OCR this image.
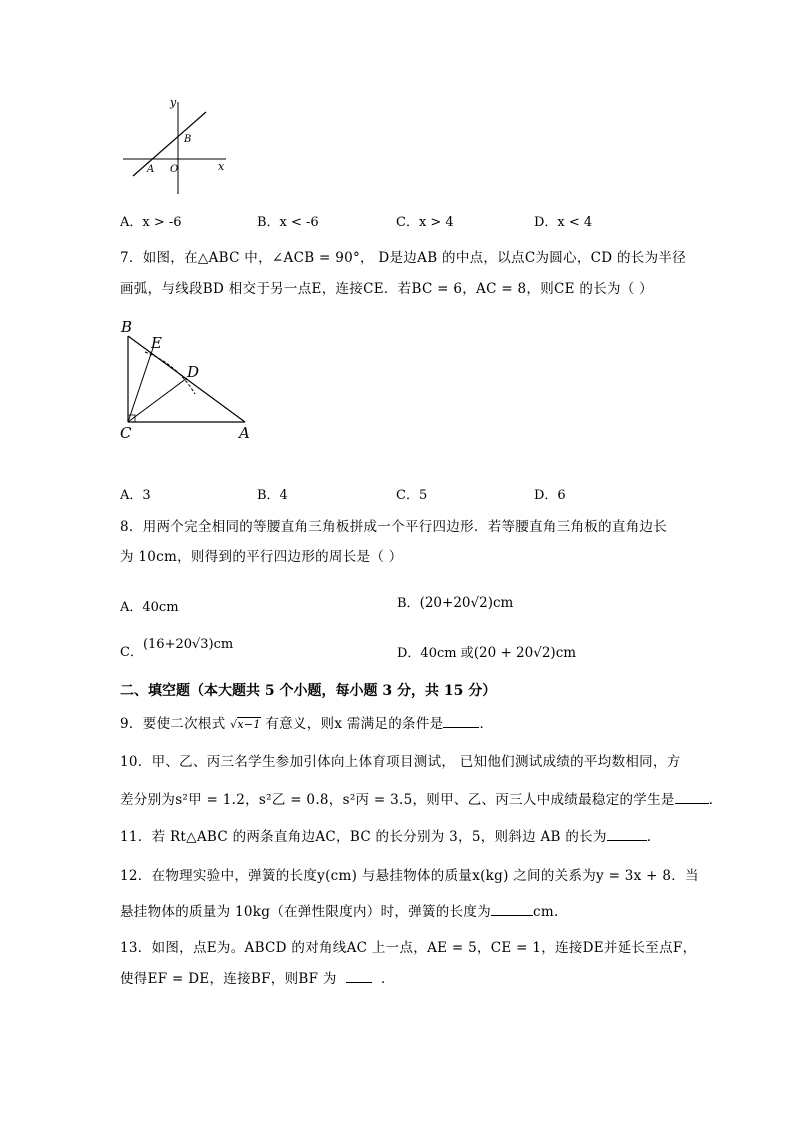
y
x
O
A
B
A．x > -6	B．x < -6	C．x > 4	D．x < 4
7．如图，在△ABC 中，∠ACB = 90°， D是边AB 的中点，以点C为圆心，CD 的长为半径
画弧，与线段BD 相交于另一点E，连接CE．若BC = 6，AC = 8，则CE 的长为（ ）
B
E
D
C	A
A．3	B．4	C．5	D．6
8．用两个完全相同的等腰直角三角板拼成一个平行四边形．若等腰直角三角板的直角边长
为 10cm，则得到的平行四边形的周长是（ ）
A．40cm	B．(20+20√2)cm
C．(16+20√3)cm
D．40cm 或(20 + 20√2)cm
二、填空题（本大题共 5 个小题，每小题 3 分，共 15 分）
9．要使二次根式 √x−1 有意义，则x 需满足的条件是	．
10．甲、乙、丙三名学生参加引体向上体育项目测试， 已知他们测试成绩的平均数相同，方
差分别为s²甲 = 1.2，s²乙 = 0.8，s²丙 = 3.5，则甲、乙、丙三人中成绩最稳定的学生是	．
11．若 Rt△ABC 的两条直角边AC，BC 的长分别为 3，5，则斜边 AB 的长为	．
12．在物理实验中，弹簧的长度y(cm) 与悬挂物体的质量x(kg) 之间的关系为y = 3x + 8．当
悬挂物体的质量为 10kg（在弹性限度内）时，弹簧的长度为	cm.
13．如图，点E为。ABCD 的对角线AC 上一点，AE = 5，CE = 1，连接DE并延长至点F，
使得EF = DE，连接BF，则BF 为	．
